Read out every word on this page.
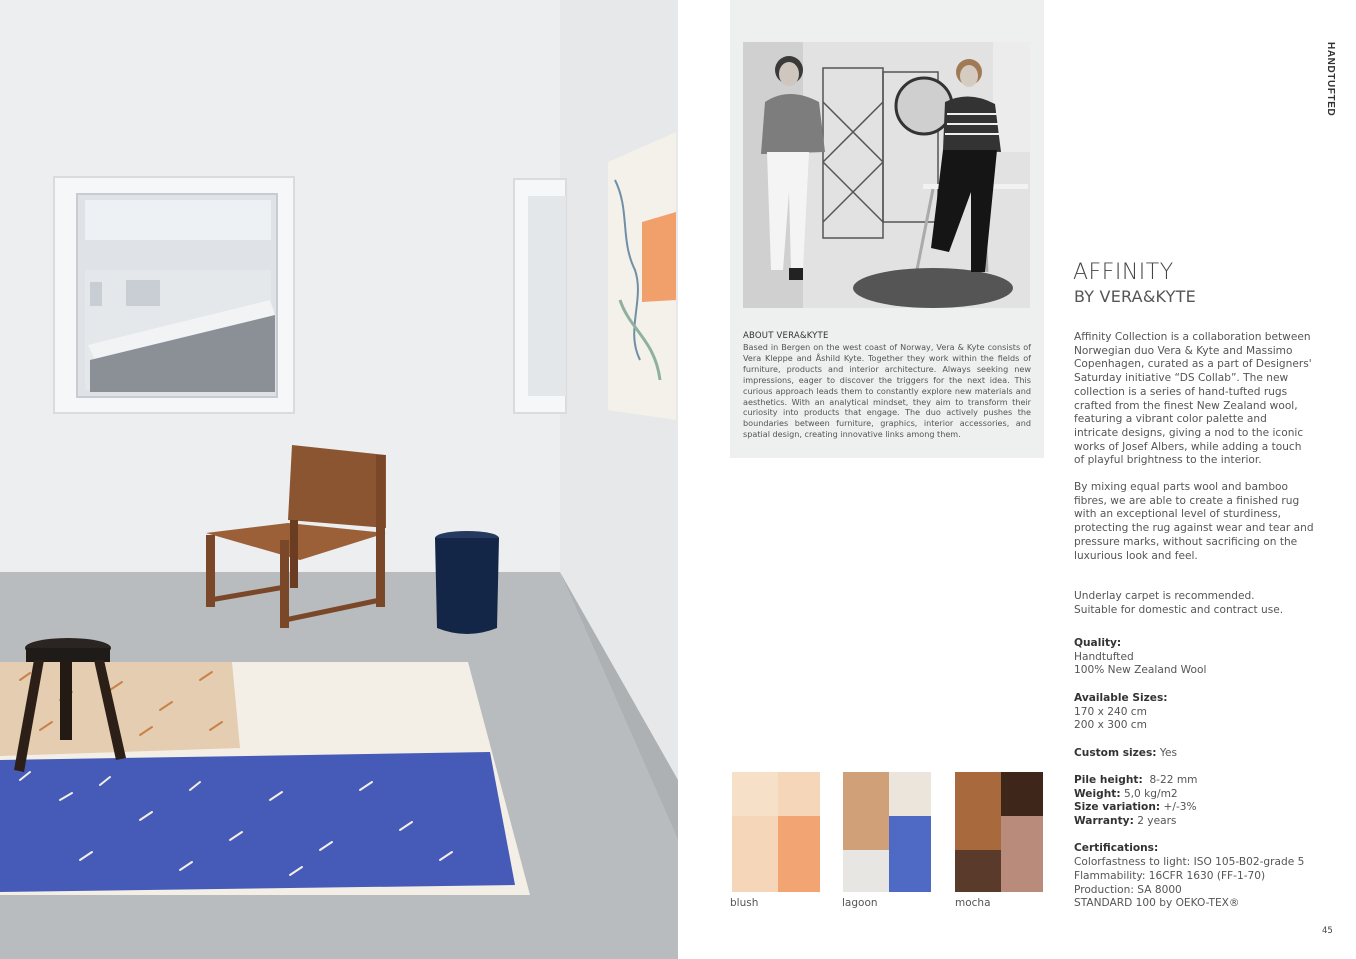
ABOUT VERA&KYTE
Based in Bergen on the west coast of Norway, Vera & Kyte consists of Vera Kleppe and Åshild Kyte. Together they work within the fields of furniture, products and interior architecture. Always seeking new impressions, eager to discover the triggers for the next idea. This curious approach leads them to constantly explore new materials and aesthetics. With an analytical mindset, they aim to transform their curiosity into products that engage. The duo actively pushes the boundaries between furniture, graphics, interior accessories, and spatial design, creating innovative links among them.
HANDTUFTED
AFFINITY
BY VERA&KYTE

Affinity Collection is a collaboration between Norwegian duo Vera & Kyte and Massimo Copenhagen, curated as a part of Designers' Saturday initiative “DS Collab”. The new collection is a series of hand-tufted rugs crafted from the finest New Zealand wool, featuring a vibrant color palette and intricate designs, giving a nod to the iconic works of Josef Albers, while adding a touch of playful brightness to the interior.

By mixing equal parts wool and bamboo fibres, we are able to create a finished rug with an exceptional level of sturdiness, protecting the rug against wear and tear and pressure marks, without sacrificing on the luxurious look and feel.

Underlay carpet is recommended.
Suitable for domestic and contract use.

Quality:
Handtufted
100% New Zealand Wool
Available Sizes:
170 x 240 cm
200 x 300 cm
Custom sizes: Yes
Pile height: 8-22 mm
Weight: 5,0 kg/m2
Size variation: +/-3%
Warranty: 2 years
Certifications:
Colorfastness to light: ISO 105-B02-grade 5
Flammability: 16CFR 1630 (FF-1-70)
Production: SA 8000
STANDARD 100 by OEKO-TEX®
blush	lagoon	mocha
45
